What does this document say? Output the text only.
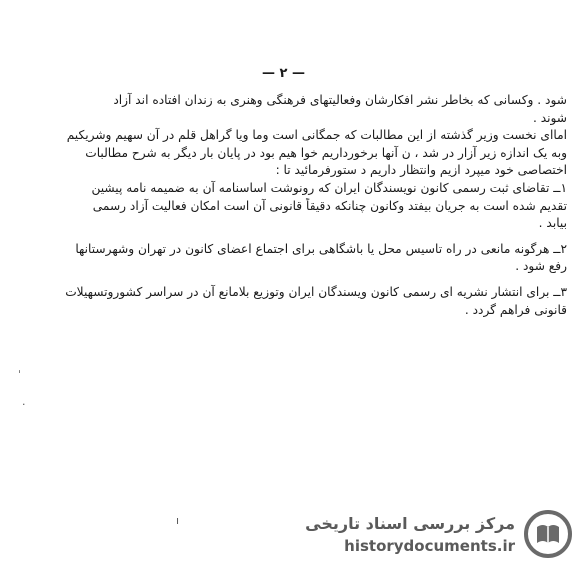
— ۲ —
شود . وکسانی که بخاطر نشر افکارشان وفعالیتهای فرهنگی وهنری به زندان افتاده اند آزاد
شوند .
اماای نخست وزیر گذشته از این مطالبات که جمگانی است وما ویا گراهل قلم در آن سهیم وشریکیم
وبه یک اندازه زیر آزار در شد ، ن آنها برخورداریم خوا هیم بود در پایان بار دیگر به شرح مطالبات
اختصاصی خود میپرد ازیم وانتظار داریم د ستورفرمائید تا :
۱ــ تقاضای ثبت رسمی کانون نویسندگان ایران که رونوشت اساسنامه آن به ضمیمه نامه پیشین
تقدیم شده است به جریان بیفتد وکانون چنانکه دقیقاً قانونی آن است امکان فعالیت آزاد رسمی
بیابد .
۲ــ هرگونه مانعی در راه تاسیس محل یا باشگاهی برای اجتماع اعضای کانون در تهران وشهرستانها
رفع شود .
۳ــ برای انتشار نشریه ای رسمی کانون ویسندگان ایران وتوزیع بلامانع آن در سراسر کشوروتسهیلات
قانونی فراهم گردد .
ˈ
·
ı	مرکز بررسی اسناد تاریخی
historydocuments.ir
